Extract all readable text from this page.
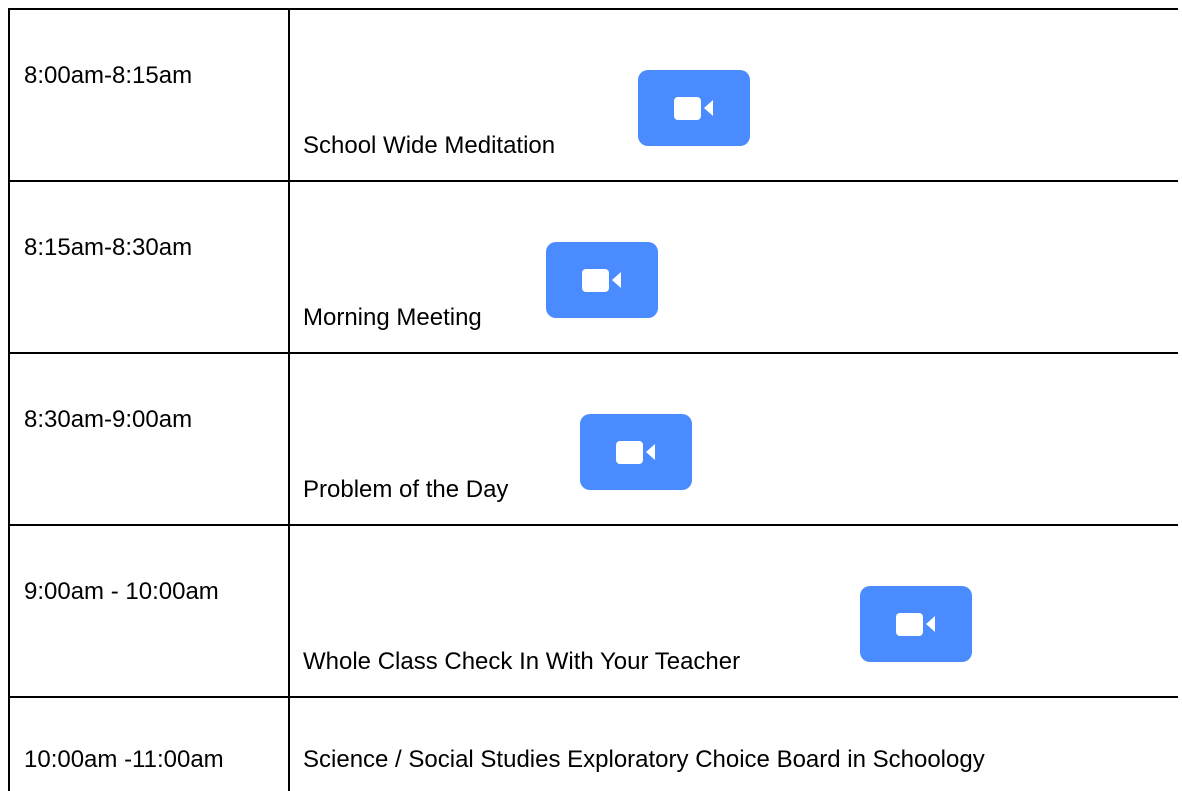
8:00am-8:15am
School Wide Meditation
8:15am-8:30am
Morning Meeting
8:30am-9:00am
Problem of the Day
9:00am - 10:00am
Whole Class Check In With Your Teacher
10:00am -11:00am	Science / Social Studies Exploratory Choice Board in Schoology
